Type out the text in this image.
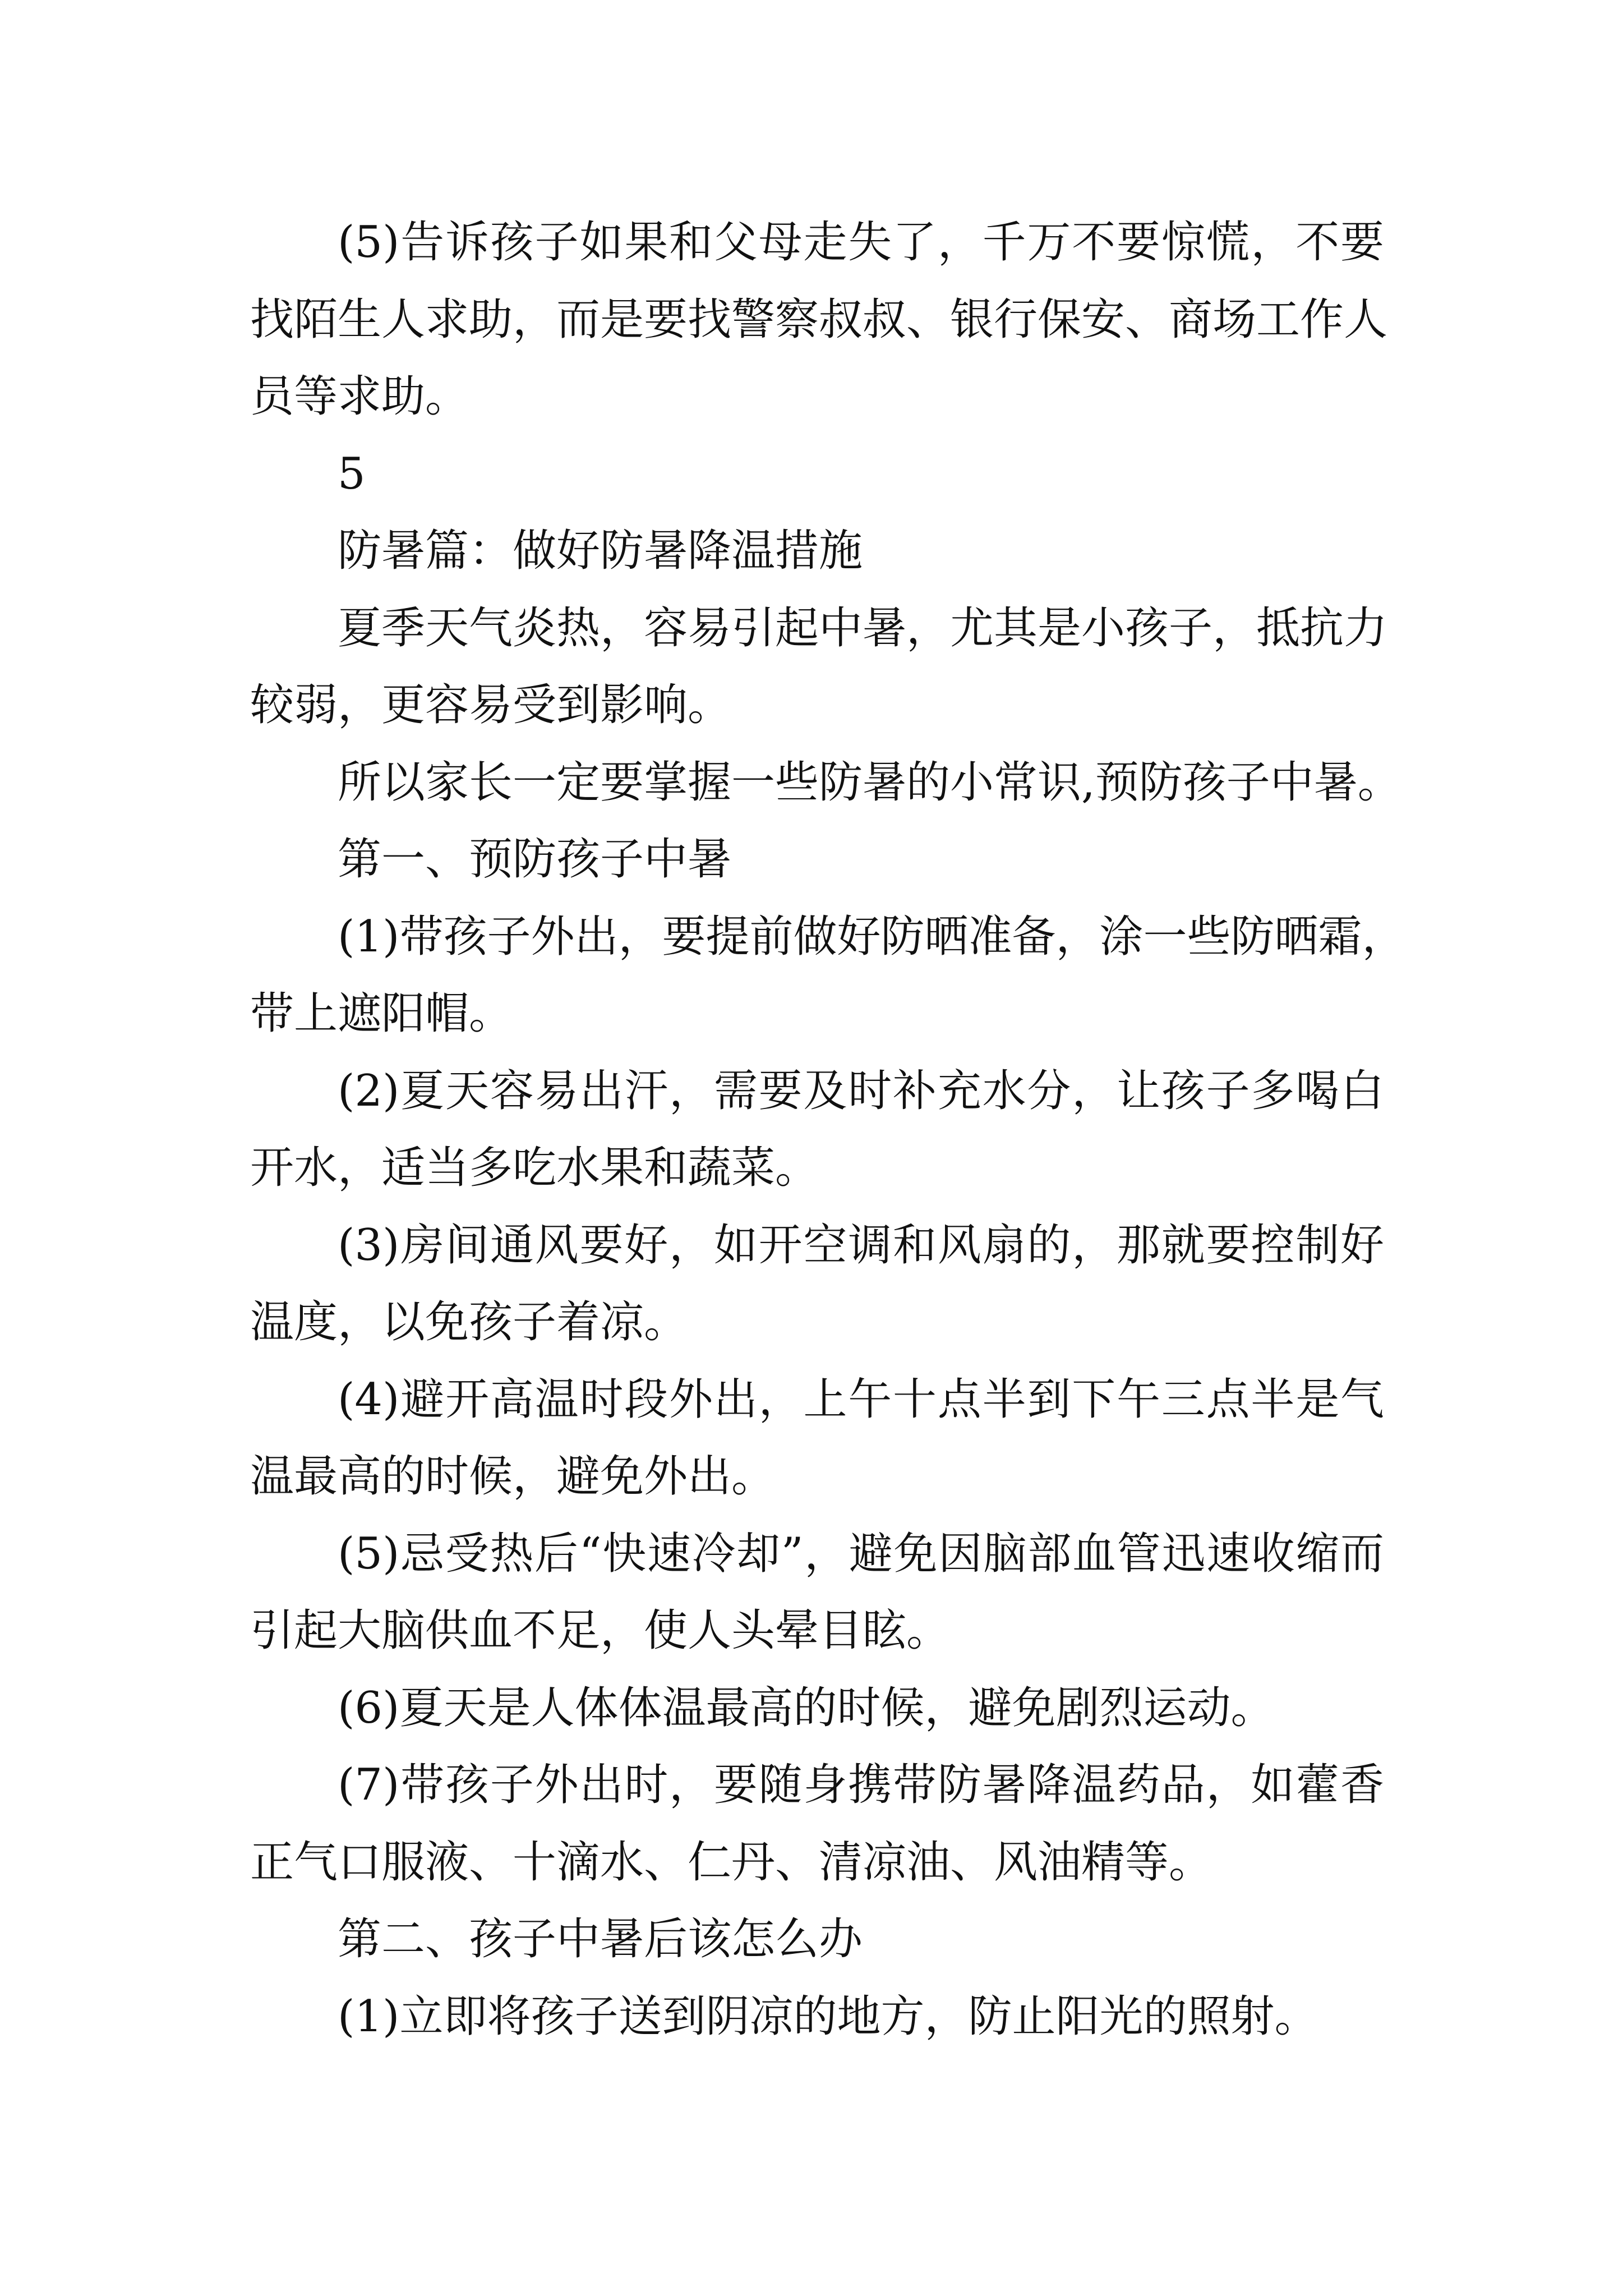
(5)告诉孩子如果和父母走失了，千万不要惊慌，不要
找陌生人求助，而是要找警察叔叔、银行保安、商场工作人
员等求助。
5
防暑篇：做好防暑降温措施
夏季天气炎热，容易引起中暑，尤其是小孩子，抵抗力
较弱，更容易受到影响。
所以家长一定要掌握一些防暑的小常识,预防孩子中暑。
第一、预防孩子中暑
(1)带孩子外出，要提前做好防晒准备，涂一些防晒霜，
带上遮阳帽。
(2)夏天容易出汗，需要及时补充水分，让孩子多喝白
开水，适当多吃水果和蔬菜。
(3)房间通风要好，如开空调和风扇的，那就要控制好
温度，以免孩子着凉。
(4)避开高温时段外出，上午十点半到下午三点半是气
温最高的时候，避免外出。
(5)忌受热后“快速冷却”，避免因脑部血管迅速收缩而
引起大脑供血不足，使人头晕目眩。
(6)夏天是人体体温最高的时候，避免剧烈运动。
(7)带孩子外出时，要随身携带防暑降温药品，如藿香
正气口服液、十滴水、仁丹、清凉油、风油精等。
第二、孩子中暑后该怎么办
(1)立即将孩子送到阴凉的地方，防止阳光的照射。
